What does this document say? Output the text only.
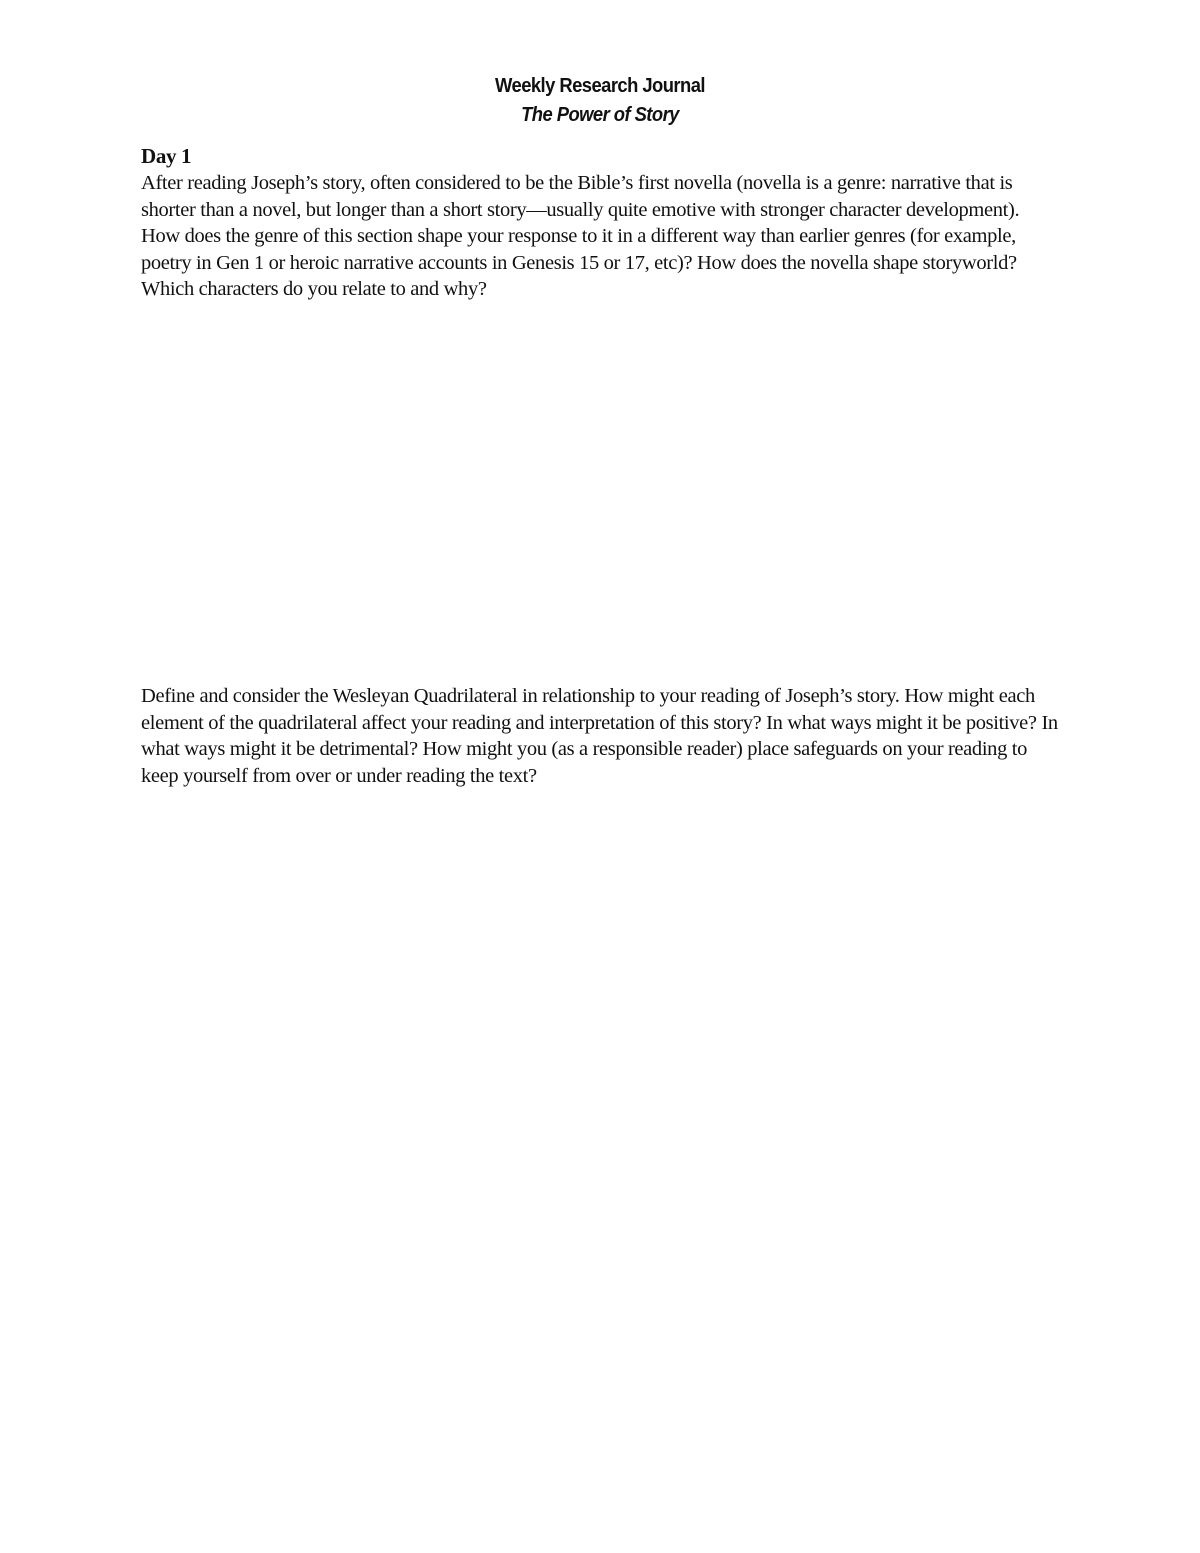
Weekly Research Journal
The Power of Story
Day 1

After reading Joseph’s story, often considered to be the Bible’s first novella (novella is a genre: narrative that is shorter than a novel, but longer than a short story—usually quite emotive with stronger character development). How does the genre of this section shape your response to it in a different way than earlier genres (for example, poetry in Gen 1 or heroic narrative accounts in Genesis 15 or 17, etc)? How does the novella shape storyworld? Which characters do you relate to and why?

Define and consider the Wesleyan Quadrilateral in relationship to your reading of Joseph’s story. How might each element of the quadrilateral affect your reading and interpretation of this story? In what ways might it be positive? In what ways might it be detrimental? How might you (as a responsible reader) place safeguards on your reading to keep yourself from over or under reading the text?
